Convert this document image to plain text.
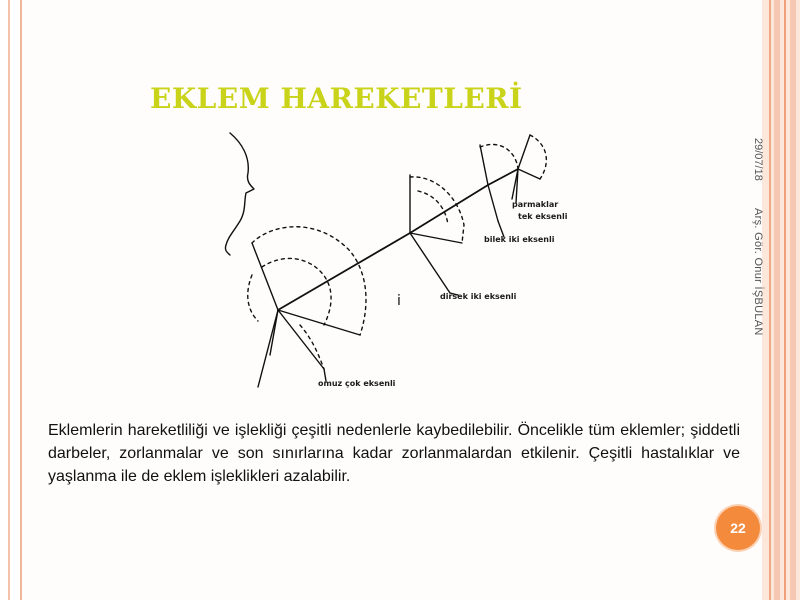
EKLEM HAREKETLERİ
29/07/18
Arş. Gör. Onur İŞBULAN
parmaklar
tek eksenli
bilek iki eksenli
dirsek iki eksenli
omuz çok eksenli
i

Eklemlerin hareketliliği ve işlekliği çeşitli nedenlerle kaybedilebilir. Öncelikle tüm eklemler; şiddetli darbeler, zorlanmalar ve son sınırlarına kadar zorlanmalardan etkilenir. Çeşitli hastalıklar ve yaşlanma ile de eklem işleklikleri azalabilir.

22
